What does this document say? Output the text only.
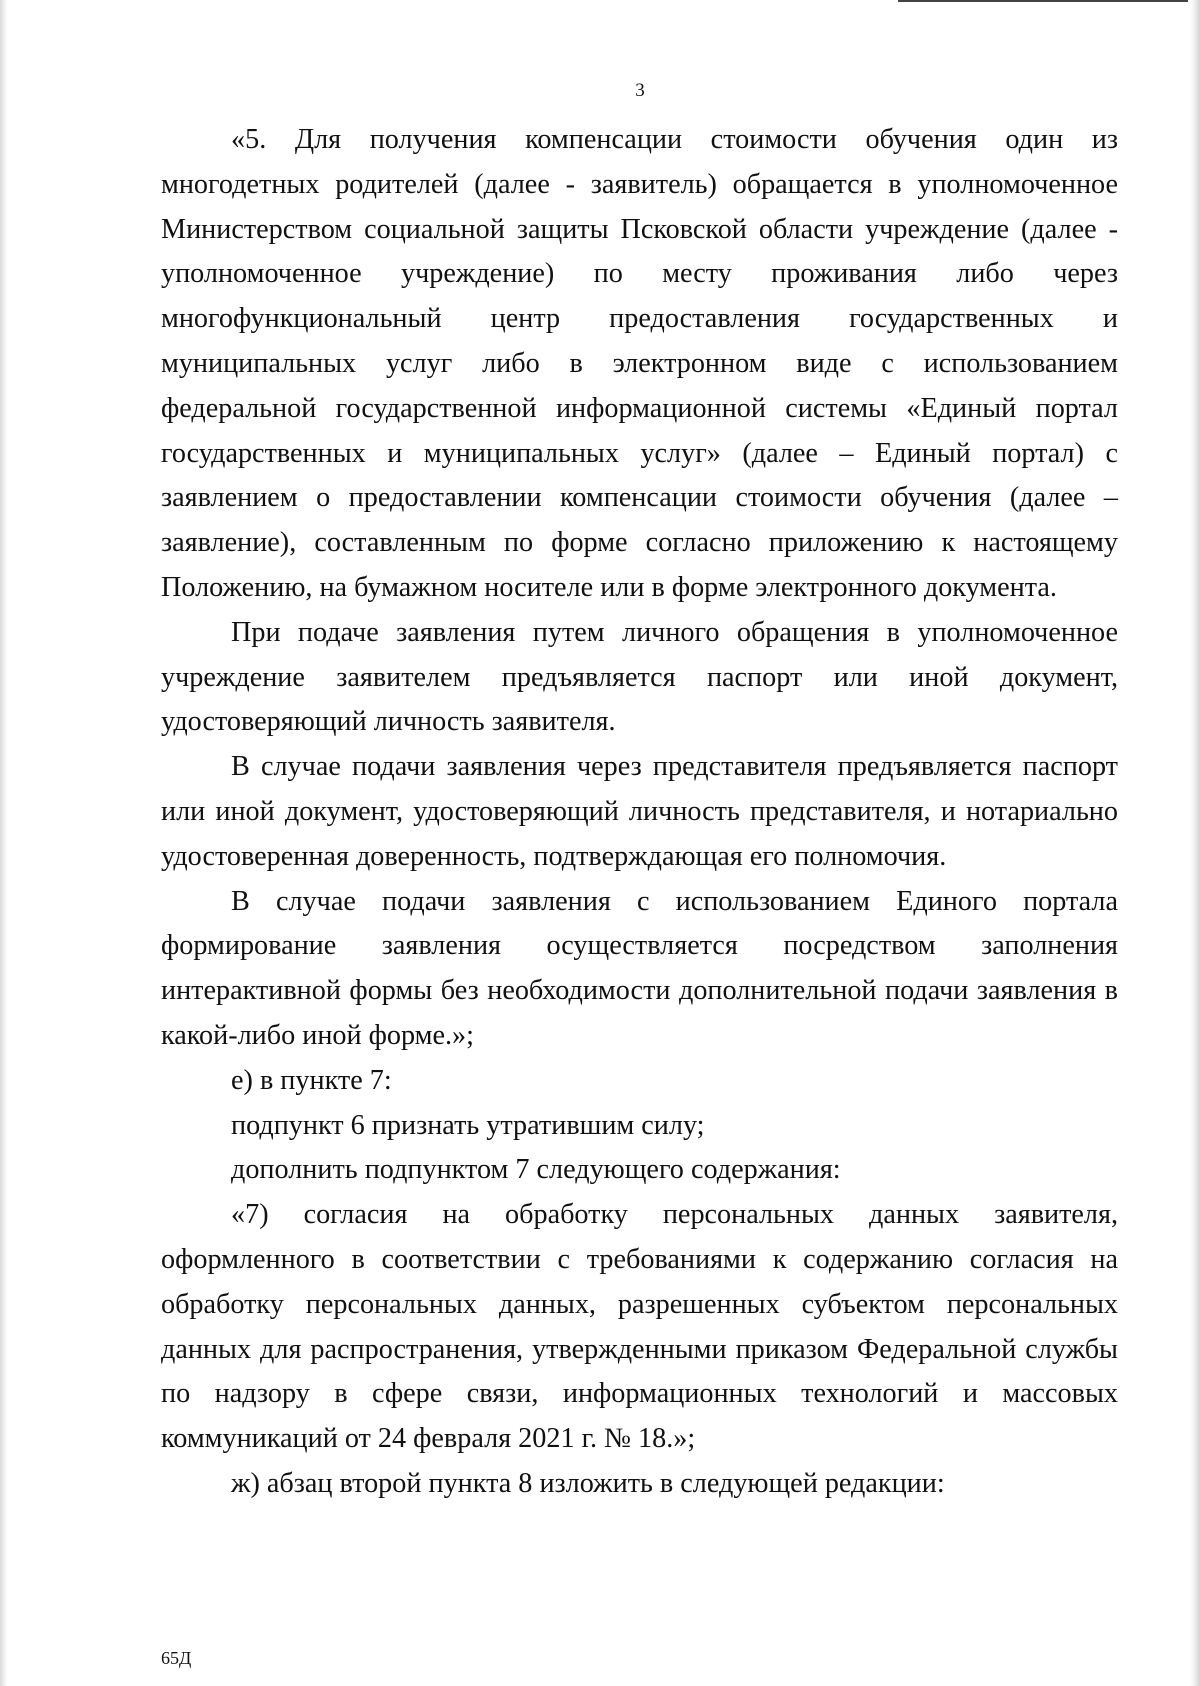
3

«5. Для получения компенсации стоимости обучения один из многодетных родителей (далее - заявитель) обращается в уполномоченное Министерством социальной защиты Псковской области учреждение (далее - уполномоченное учреждение) по месту проживания либо через многофункциональный центр предоставления государственных и муниципальных услуг либо в электронном виде с использованием федеральной государственной информационной системы «Единый портал государственных и муниципальных услуг» (далее – Единый портал) с заявлением о предоставлении компенсации стоимости обучения (далее – заявление), составленным по форме согласно приложению к настоящему Положению, на бумажном носителе или в форме электронного документа.

При подаче заявления путем личного обращения в уполномоченное учреждение заявителем предъявляется паспорт или иной документ, удостоверяющий личность заявителя.

В случае подачи заявления через представителя предъявляется паспорт или иной документ, удостоверяющий личность представителя, и нотариально удостоверенная доверенность, подтверждающая его полномочия.

В случае подачи заявления с использованием Единого портала формирование заявления осуществляется посредством заполнения интерактивной формы без необходимости дополнительной подачи заявления в какой-либо иной форме.»;

е) в пункте 7:

подпункт 6 признать утратившим силу;

дополнить подпунктом 7 следующего содержания:

«7) согласия на обработку персональных данных заявителя, оформленного в соответствии с требованиями к содержанию согласия на обработку персональных данных, разрешенных субъектом персональных данных для распространения, утвержденными приказом Федеральной службы по надзору в сфере связи, информационных технологий и массовых коммуникаций от 24 февраля 2021 г. № 18.»;

ж) абзац второй пункта 8 изложить в следующей редакции:

65Д
